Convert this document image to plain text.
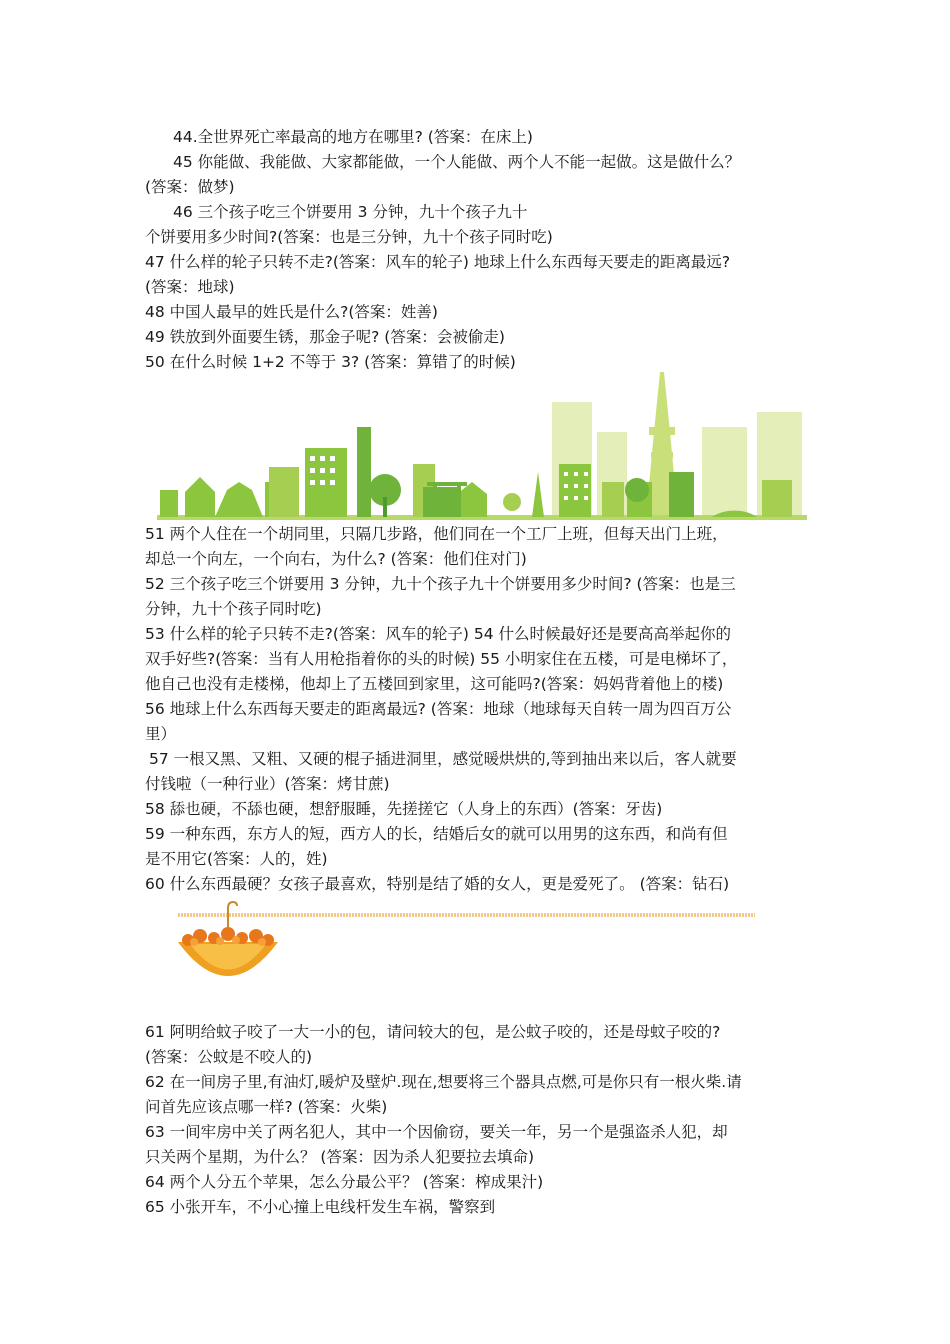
44.全世界死亡率最高的地方在哪里? (答案：在床上)

45 你能做、我能做、大家都能做，一个人能做、两个人不能一起做。这是做什么？

(答案：做梦)

46 三个孩子吃三个饼要用 3 分钟，九十个孩子九十

个饼要用多少时间?(答案：也是三分钟，九十个孩子同时吃)

47 什么样的轮子只转不走?(答案：风车的轮子) 地球上什么东西每天要走的距离最远?

(答案：地球)

48 中国人最早的姓氏是什么?(答案：姓善)

49 铁放到外面要生锈，那金子呢? (答案：会被偷走)

50 在什么时候 1+2 不等于 3? (答案：算错了的时候)

51 两个人住在一个胡同里，只隔几步路，他们同在一个工厂上班，但每天出门上班，

却总一个向左，一个向右，为什么? (答案：他们住对门)

52 三个孩子吃三个饼要用 3 分钟，九十个孩子九十个饼要用多少时间? (答案：也是三

分钟，九十个孩子同时吃)

53 什么样的轮子只转不走?(答案：风车的轮子) 54 什么时候最好还是要高高举起你的

双手好些?(答案：当有人用枪指着你的头的时候) 55 小明家住在五楼，可是电梯坏了，

他自己也没有走楼梯，他却上了五楼回到家里，这可能吗?(答案：妈妈背着他上的楼)

56 地球上什么东西每天要走的距离最远? (答案：地球（地球每天自转一周为四百万公

里）

57 一根又黑、又粗、又硬的棍子插进洞里，感觉暖烘烘的,等到抽出来以后，客人就要

付钱啦（一种行业）(答案：烤甘蔗)

58 舔也硬，不舔也硬，想舒服睡，先搓搓它（人身上的东西）(答案：牙齿)

59 一种东西，东方人的短，西方人的长，结婚后女的就可以用男的这东西，和尚有但

是不用它(答案：人的，姓)

60 什么东西最硬？女孩子最喜欢，特别是结了婚的女人，更是爱死了。 (答案：钻石)

61 阿明给蚊子咬了一大一小的包，请问较大的包，是公蚊子咬的，还是母蚊子咬的?

(答案：公蚊是不咬人的)

62 在一间房子里,有油灯,暖炉及壁炉.现在,想要将三个器具点燃,可是你只有一根火柴.请

问首先应该点哪一样? (答案：火柴)

63 一间牢房中关了两名犯人，其中一个因偷窃，要关一年，另一个是强盗杀人犯，却

只关两个星期，为什么？ (答案：因为杀人犯要拉去填命)

64 两个人分五个苹果，怎么分最公平？ (答案：榨成果汁)

65 小张开车，不小心撞上电线杆发生车祸，警察到
